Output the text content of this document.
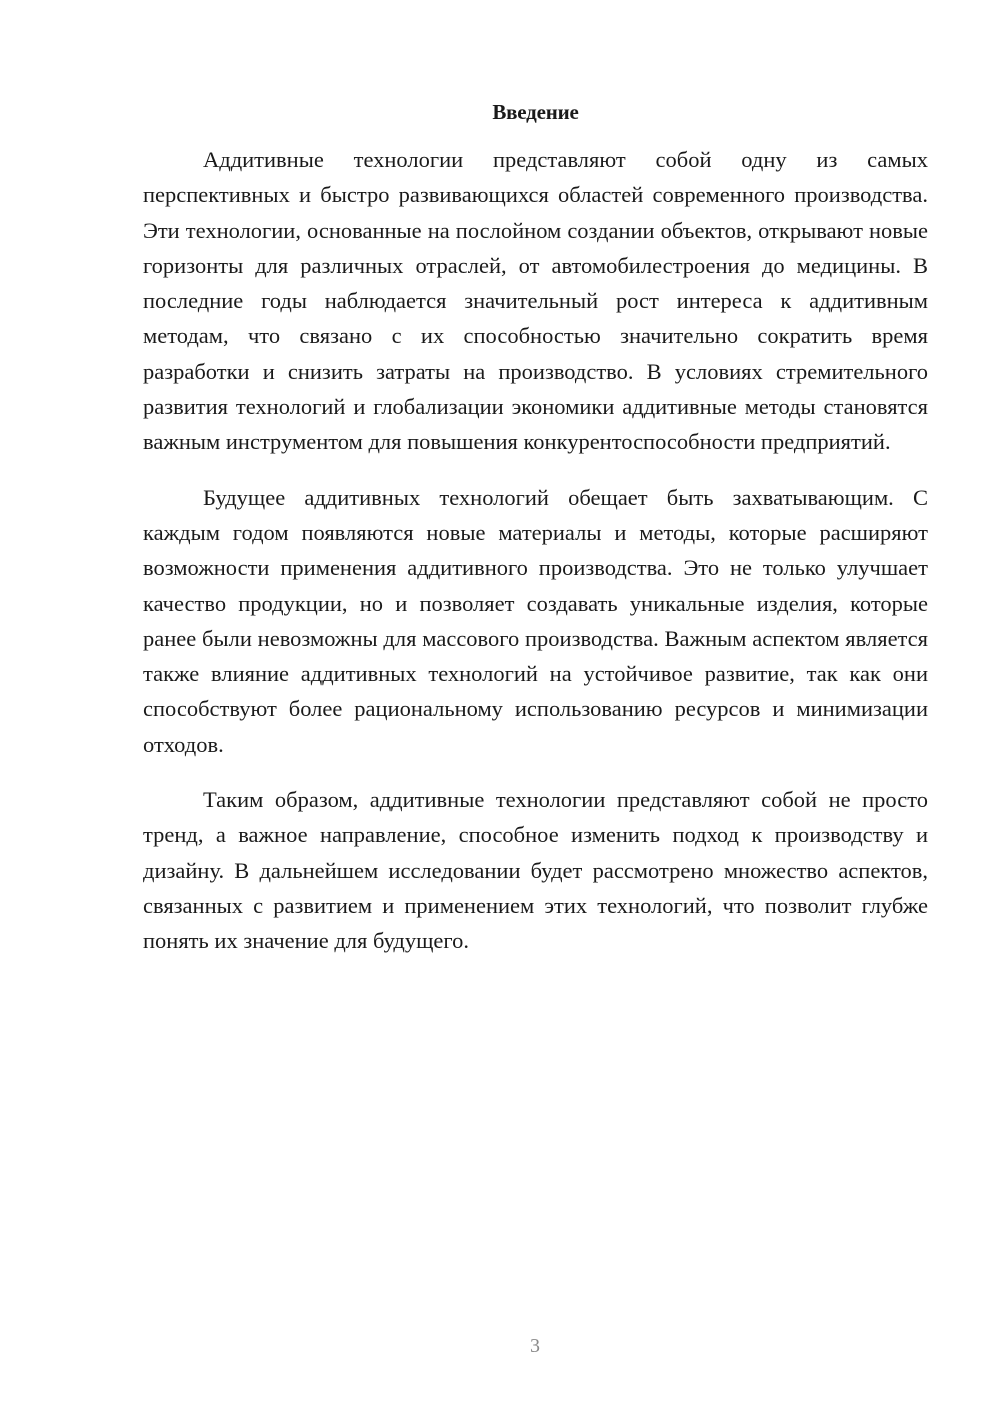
Введение

Аддитивные технологии представляют собой одну из самых перспективных и быстро развивающихся областей современного производства. Эти технологии, основанные на послойном создании объектов, открывают новые горизонты для различных отраслей, от автомобилестроения до медицины. В последние годы наблюдается значительный рост интереса к аддитивным методам, что связано с их способностью значительно сократить время разработки и снизить затраты на производство. В условиях стремительного развития технологий и глобализации экономики аддитивные методы становятся важным инструментом для повышения конкурентоспособности предприятий.

Будущее аддитивных технологий обещает быть захватывающим. С каждым годом появляются новые материалы и методы, которые расширяют возможности применения аддитивного производства. Это не только улучшает качество продукции, но и позволяет создавать уникальные изделия, которые ранее были невозможны для массового производства. Важным аспектом является также влияние аддитивных технологий на устойчивое развитие, так как они способствуют более рациональному использованию ресурсов и минимизации отходов.

Таким образом, аддитивные технологии представляют собой не просто тренд, а важное направление, способное изменить подход к производству и дизайну. В дальнейшем исследовании будет рассмотрено множество аспектов, связанных с развитием и применением этих технологий, что позволит глубже понять их значение для будущего.

3
